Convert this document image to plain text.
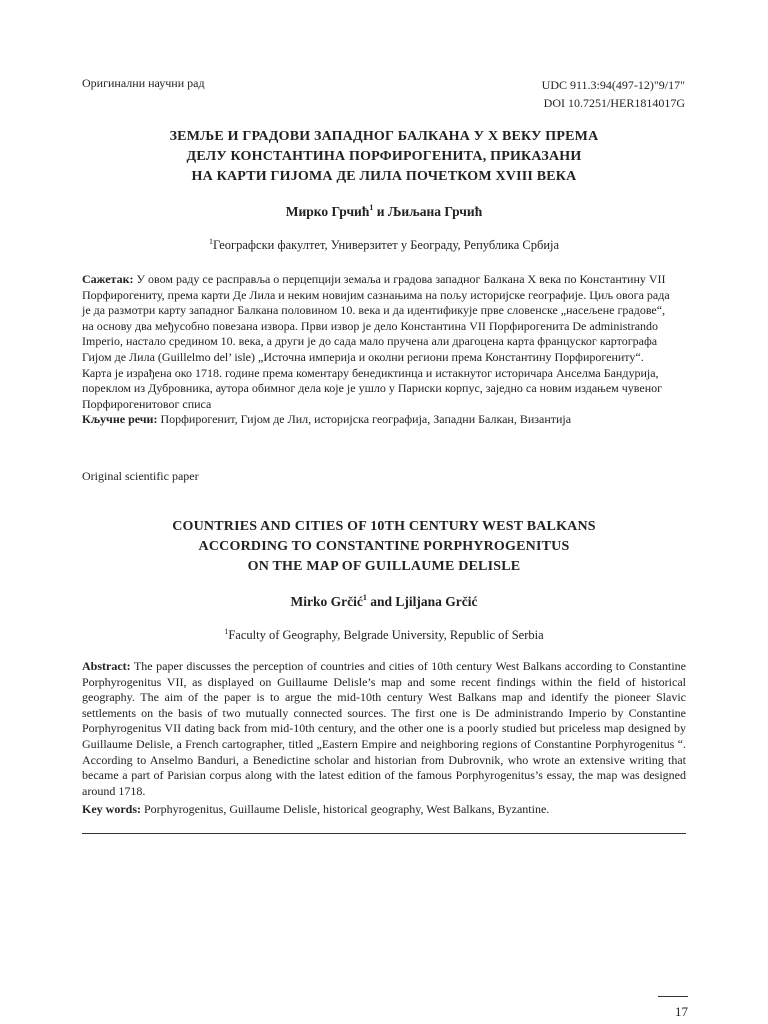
Оригинални научни рад	UDC 911.3:94(497-12)"9/17"
DOI 10.7251/HER1814017G
ЗЕМЉЕ И ГРАДОВИ ЗАПАДНОГ БАЛКАНА У Х ВЕКУ ПРЕМА
ДЕЛУ КОНСТАНТИНА ПОРФИРОГЕНИТА, ПРИКАЗАНИ
НА КАРТИ ГИЈОМА ДЕ ЛИЛА ПОЧЕТКОМ XVIII ВЕКА
Мирко Грчић$^1$ и Љиљана Грчић
$^1$Географски факултет, Универзитет у Београду, Република Србија
Сажетак: У овом раду се расправља о перцепцији земаља и градова западног Балкана X века по Константину VII
Порфирогениту, према карти Де Лила и неким новијим сазнањима на пољу историјске географије. Циљ овога рада
је да размотри карту западног Балкана половином 10. века и да идентификује прве словенске „насељене градове“,
на основу два међусобно повезана извора. Први извор је дело Константина VII Порфирогенита De administrando
Imperio, настало средином 10. века, а други је до сада мало пручена али драгоцена карта француског картографа
Гијом де Лила (Guillelmo del’ isle) „Источна империја и околни региони према Константину Порфирогениту“.
Карта је израђена око 1718. године према коментару бенедиктинца и истакнутог историчара Анселма Бандурија,
пореклом из Дубровника, аутора обимног дела које је ушло у Париски корпус, заједно са новим издањем чувеног
Порфирогенитовог списа
Кључне речи: Порфирогенит, Гијом де Лил, историјска географија, Западни Балкан, Византија
Original scientific paper
COUNTRIES AND CITIES OF 10TH CENTURY WEST BALKANS
ACCORDING TO CONSTANTINE PORPHYROGENITUS
ON THE MAP OF GUILLAUME DELISLE
Mirko Grčić$^1$ and Ljiljana Grčić
$^1$Faculty of Geography, Belgrade University, Republic of Serbia
Abstract: The paper discusses the perception of countries and cities of 10th century West Balkans according to Constantine Porphyrogenitus VII, as displayed on Guillaume Delisle’s map and some recent findings within the field of historical geography. The aim of the paper is to argue the mid-10th century West Balkans map and identify the pioneer Slavic settlements on the basis of two mutually connected sources. The first one is De administrando Imperio by Constantine Porphyrogenitus VII dating back from mid-10th century, and the other one is a poorly studied but priceless map designed by Guillaume Delisle, a French cartographer, titled „Eastern Empire and neighboring regions of Constantine Porphyrogenitus “. According to Anselmo Banduri, a Benedictine scholar and historian from Dubrovnik, who wrote an extensive writing that became a part of Parisian corpus along with the latest edition of the famous Porphyrogenitus’s essay, the map was designed around 1718.
Key words: Porphyrogenitus, Guillaume Delisle, historical geography, West Balkans, Byzantine.
17
